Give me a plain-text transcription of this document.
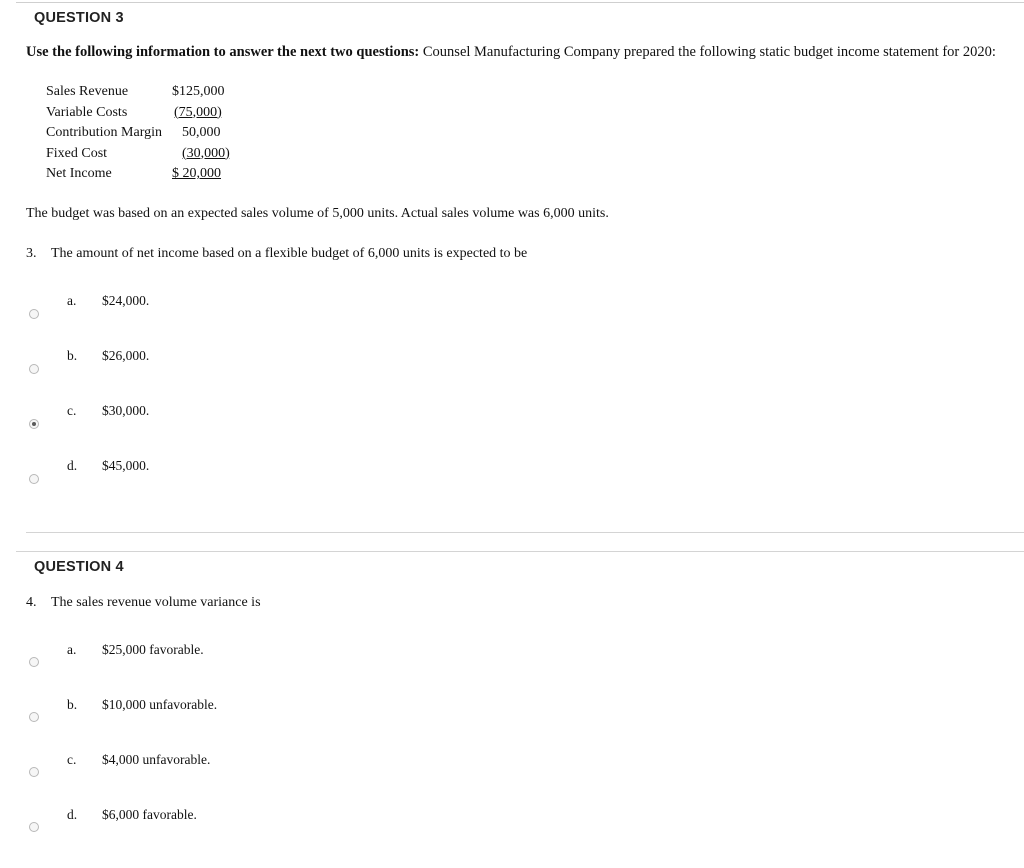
QUESTION 3
Use the following information to answer the next two questions: Counsel Manufacturing Company prepared the following static budget income statement for 2020:
Sales Revenue	$125,000
Variable Costs	(75,000)
Contribution Margin 50,000
Fixed Cost	(30,000)
Net Income	$ 20,000
The budget was based on an expected sales volume of 5,000 units. Actual sales volume was 6,000 units.
3. The amount of net income based on a flexible budget of 6,000 units is expected to be
a. $24,000.
b. $26,000.
c. $30,000.
d. $45,000.
QUESTION 4
4. The sales revenue volume variance is
a. $25,000 favorable.
b. $10,000 unfavorable.
c. $4,000 unfavorable.
d. $6,000 favorable.
